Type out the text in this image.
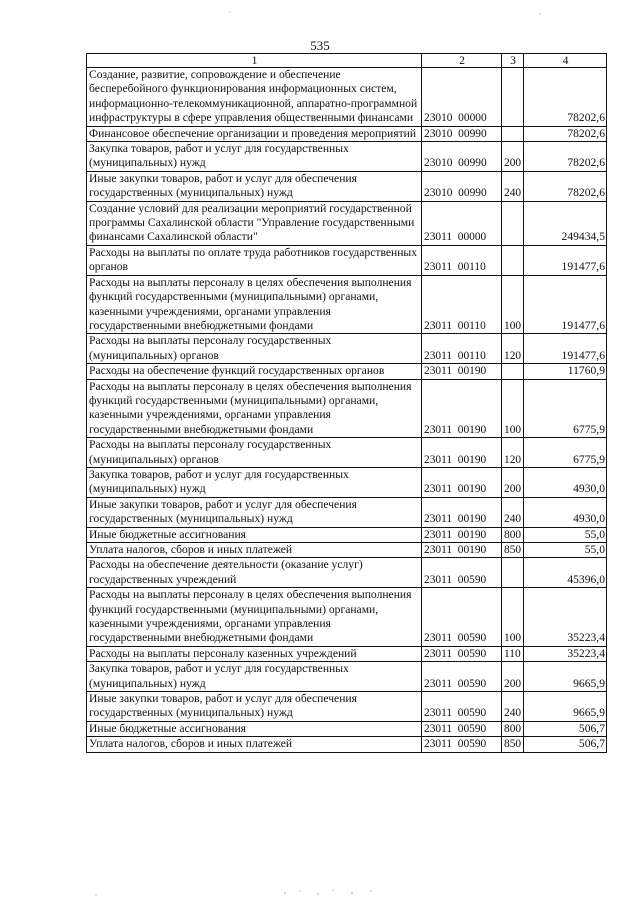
535
1	2	3	4
Создание, развитие, сопровождение и обеспечение бесперебойного функционирования информационных систем, информационно-телекоммуникационной, аппаратно-программной инфраструктуры в сфере управления общественными финансами	23010  00000		78202,6
Финансовое обеспечение организации и проведения мероприятий	23010  00990		78202,6
Закупка товаров, работ и услуг для государственных (муниципальных) нужд	23010  00990	200	78202,6
Иные закупки товаров, работ и услуг для обеспечения государственных (муниципальных) нужд	23010  00990	240	78202,6
Создание условий для реализации мероприятий государственной программы Сахалинской области "Управление государственными финансами Сахалинской области"	23011  00000		249434,5
Расходы на выплаты по оплате труда работников государственных органов	23011  00110		191477,6
Расходы на выплаты персоналу в целях обеспечения выполнения функций государственными (муниципальными) органами, казенными учреждениями, органами управления государственными внебюджетными фондами	23011  00110	100	191477,6
Расходы на выплаты персоналу государственных (муниципальных) органов	23011  00110	120	191477,6
Расходы на обеспечение функций государственных органов	23011  00190		11760,9
Расходы на выплаты персоналу в целях обеспечения выполнения функций государственными (муниципальными) органами, казенными учреждениями, органами управления государственными внебюджетными фондами	23011  00190	100	6775,9
Расходы на выплаты персоналу государственных (муниципальных) органов	23011  00190	120	6775,9
Закупка товаров, работ и услуг для государственных (муниципальных) нужд	23011  00190	200	4930,0
Иные закупки товаров, работ и услуг для обеспечения государственных (муниципальных) нужд	23011  00190	240	4930,0
Иные бюджетные ассигнования	23011  00190	800	55,0
Уплата налогов, сборов и иных платежей	23011  00190	850	55,0
Расходы на обеспечение деятельности (оказание услуг) государственных учреждений	23011  00590		45396,0
Расходы на выплаты персоналу в целях обеспечения выполнения функций государственными (муниципальными) органами, казенными учреждениями, органами управления государственными внебюджетными фондами	23011  00590	100	35223,4
Расходы на выплаты персоналу казенных учреждений	23011  00590	110	35223,4
Закупка товаров, работ и услуг для государственных (муниципальных) нужд	23011  00590	200	9665,9
Иные закупки товаров, работ и услуг для обеспечения государственных (муниципальных) нужд	23011  00590	240	9665,9
Иные бюджетные ассигнования	23011  00590	800	506,7
Уплата налогов, сборов и иных платежей	23011  00590	850	506,7
